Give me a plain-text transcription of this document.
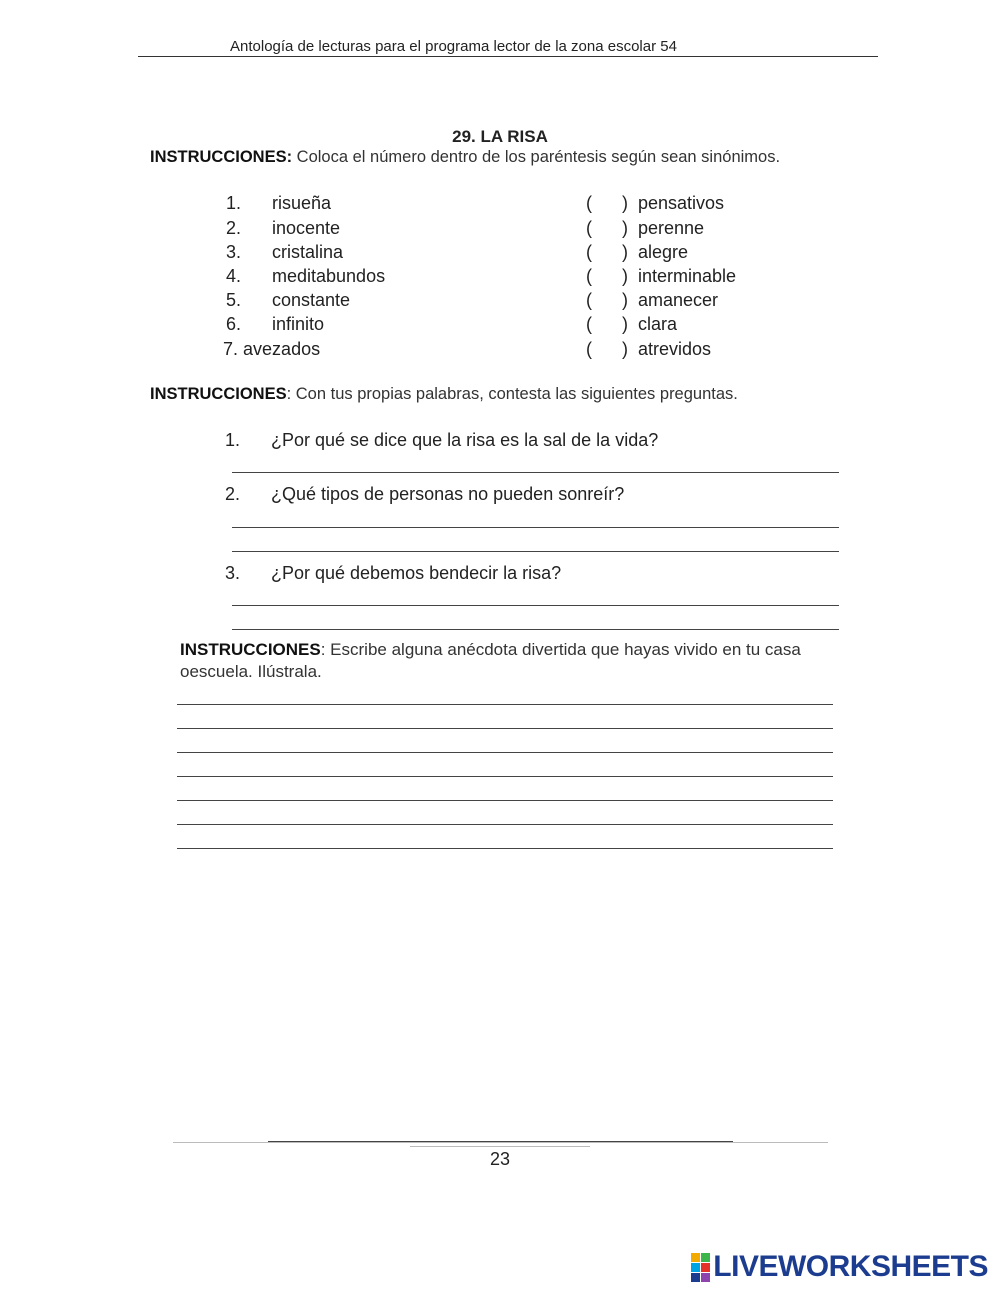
Antología de lecturas para el programa lector de la zona escolar 54
29. LA RISA
INSTRUCCIONES: Coloca el número dentro de los paréntesis según sean sinónimos.
1. risueña
2. inocente
3. cristalina
4. meditabundos
5. constante
6. infinito
7. avezados
(      ) pensativos
(      ) perenne
(      ) alegre
(      ) interminable
(      ) amanecer
(      ) clara
(      ) atrevidos
INSTRUCCIONES: Con tus propias palabras, contesta las siguientes preguntas.
1. ¿Por qué se dice que la risa es la sal de la vida?
2. ¿Qué tipos de personas no pueden sonreír?
3. ¿Por qué debemos bendecir la risa?
INSTRUCCIONES: Escribe alguna anécdota divertida que hayas vivido en tu casa
oescuela. Ilústrala.
23
LIVEWORKSHEETS
